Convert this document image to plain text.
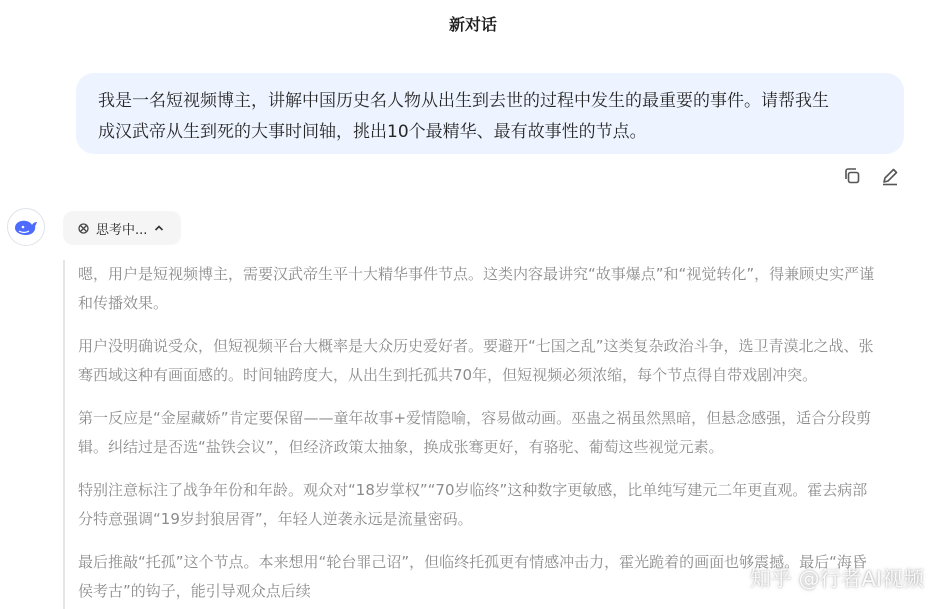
新对话

我是一名短视频博主，讲解中国历史名人物从出生到去世的过程中发生的最重要的事件。请帮我生

成汉武帝从生到死的大事时间轴，挑出10个最精华、最有故事性的节点。

思考中...

嗯，用户是短视频博主，需要汉武帝生平十大精华事件节点。这类内容最讲究“故事爆点”和“视觉转化”，得兼顾史实严谨
和传播效果。

用户没明确说受众，但短视频平台大概率是大众历史爱好者。要避开“七国之乱”这类复杂政治斗争，选卫青漠北之战、张
骞西域这种有画面感的。时间轴跨度大，从出生到托孤共70年，但短视频必须浓缩，每个节点得自带戏剧冲突。

第一反应是“金屋藏娇”肯定要保留——童年故事+爱情隐喻，容易做动画。巫蛊之祸虽然黑暗，但悬念感强，适合分段剪
辑。纠结过是否选“盐铁会议”，但经济政策太抽象，换成张骞更好，有骆驼、葡萄这些视觉元素。

特别注意标注了战争年份和年龄。观众对“18岁掌权”“70岁临终”这种数字更敏感，比单纯写建元二年更直观。霍去病部
分特意强调“19岁封狼居胥”，年轻人逆袭永远是流量密码。

最后推敲“托孤”这个节点。本来想用“轮台罪己诏”，但临终托孤更有情感冲击力，霍光跪着的画面也够震撼。最后“海昏
侯考古”的钩子，能引导观众点后续	知乎 @行者AI视频
